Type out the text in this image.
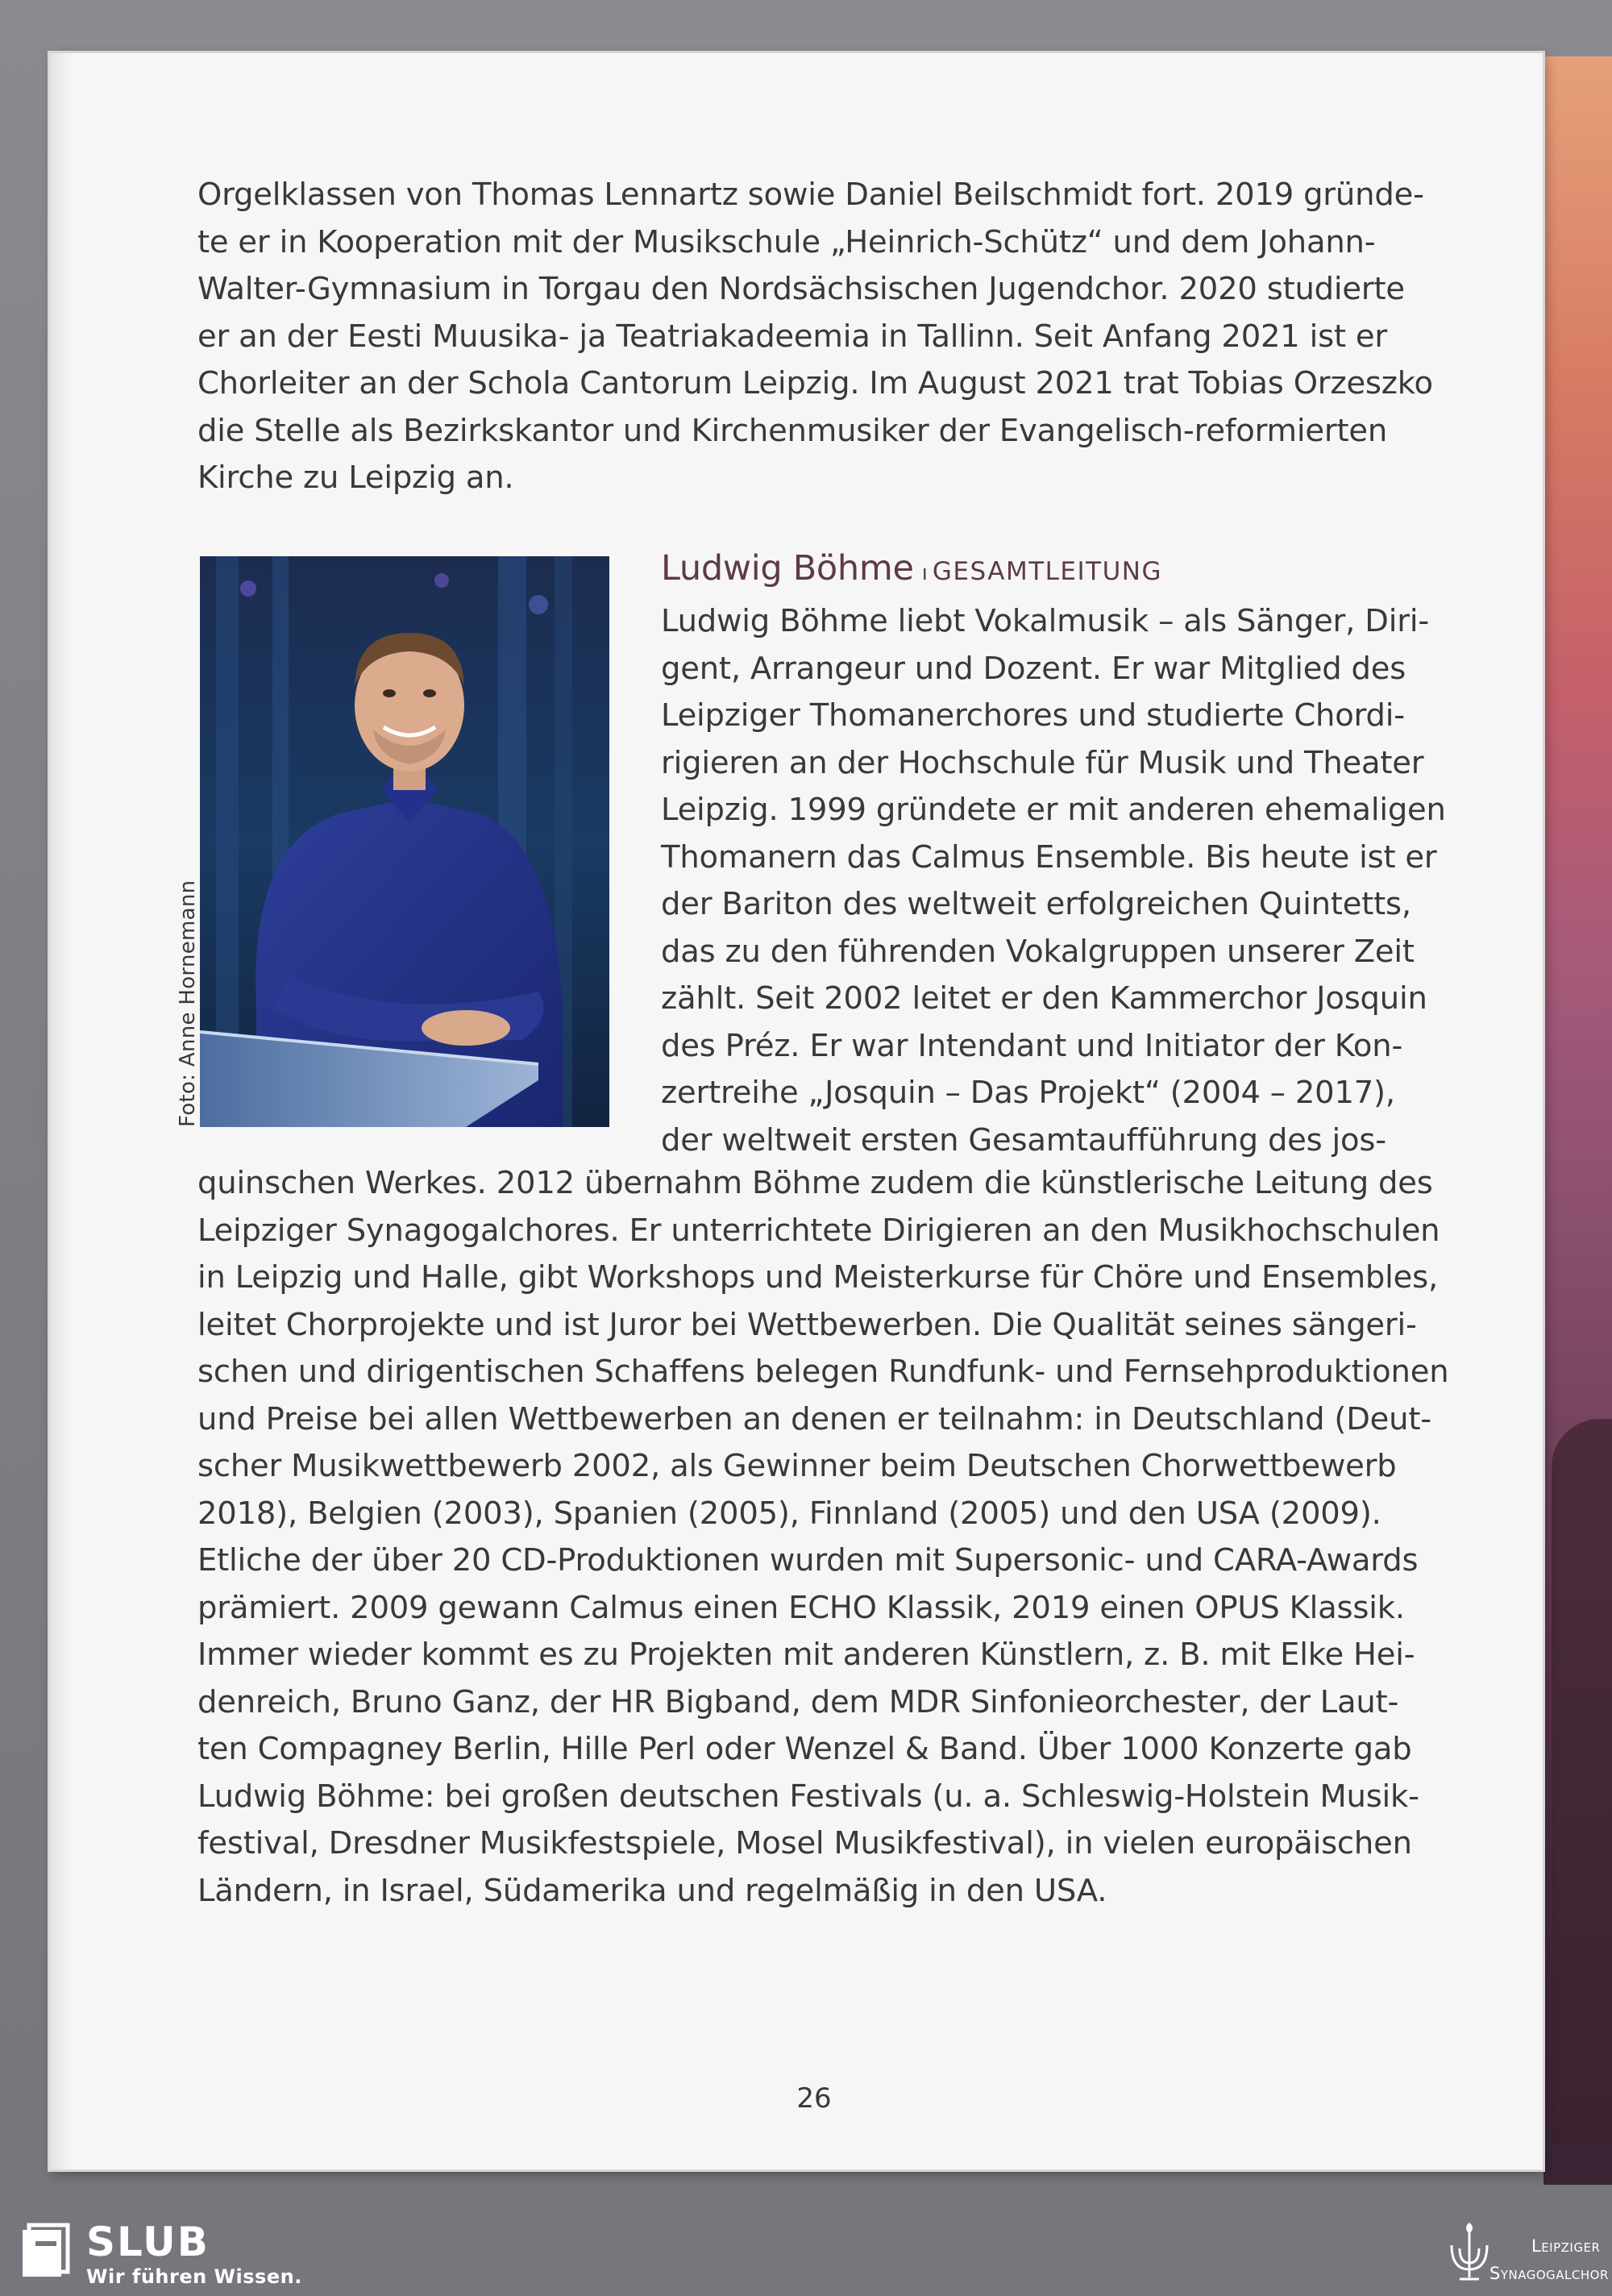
Orgelklassen von Thomas Lennartz sowie Daniel Beilschmidt fort. 2019 gründe-
te er in Kooperation mit der Musikschule „Heinrich-Schütz“ und dem Johann-
Walter-Gymnasium in Torgau den Nordsächsischen Jugendchor. 2020 studierte
er an der Eesti Muusika- ja Teatriakadeemia in Tallinn. Seit Anfang 2021 ist er
Chorleiter an der Schola Cantorum Leipzig. Im August 2021 trat Tobias Orzeszko
die Stelle als Bezirkskantor und Kirchenmusiker der Evangelisch-reformierten
Kirche zu Leipzig an.
Foto: Anne Hornemann
Ludwig Böhme ı GESAMTLEITUNG
Ludwig Böhme liebt Vokalmusik – als Sänger, Diri-
gent, Arrangeur und Dozent. Er war Mitglied des
Leipziger Thomanerchores und studierte Chordi-
rigieren an der Hochschule für Musik und Theater
Leipzig. 1999 gründete er mit anderen ehemaligen
Thomanern das Calmus Ensemble. Bis heute ist er
der Bariton des weltweit erfolgreichen Quintetts,
das zu den führenden Vokalgruppen unserer Zeit
zählt. Seit 2002 leitet er den Kammerchor Josquin
des Préz. Er war Intendant und Initiator der Kon-
zertreihe „Josquin – Das Projekt“ (2004 – 2017),
der weltweit ersten Gesamtaufführung des jos-
quinschen Werkes. 2012 übernahm Böhme zudem die künstlerische Leitung des
Leipziger Synagogalchores. Er unterrichtete Dirigieren an den Musikhochschulen
in Leipzig und Halle, gibt Workshops und Meisterkurse für Chöre und Ensembles,
leitet Chorprojekte und ist Juror bei Wettbewerben. Die Qualität seines sängeri-
schen und dirigentischen Schaffens belegen Rundfunk- und Fernsehproduktionen
und Preise bei allen Wettbewerben an denen er teilnahm: in Deutschland (Deut-
scher Musikwettbewerb 2002, als Gewinner beim Deutschen Chorwettbewerb
2018), Belgien (2003), Spanien (2005), Finnland (2005) und den USA (2009).
Etliche der über 20 CD-Produktionen wurden mit Supersonic- und CARA-Awards
prämiert. 2009 gewann Calmus einen ECHO Klassik, 2019 einen OPUS Klassik.
Immer wieder kommt es zu Projekten mit anderen Künstlern, z. B. mit Elke Hei-
denreich, Bruno Ganz, der HR Bigband, dem MDR Sinfonieorchester, der Laut-
ten Compagney Berlin, Hille Perl oder Wenzel & Band. Über 1000 Konzerte gab
Ludwig Böhme: bei großen deutschen Festivals (u. a. Schleswig-Holstein Musik-
festival, Dresdner Musikfestspiele, Mosel Musikfestival), in vielen europäischen
Ländern, in Israel, Südamerika und regelmäßig in den USA.
26
SLUB
Wir führen Wissen.
Leipziger
Synagogalchor
